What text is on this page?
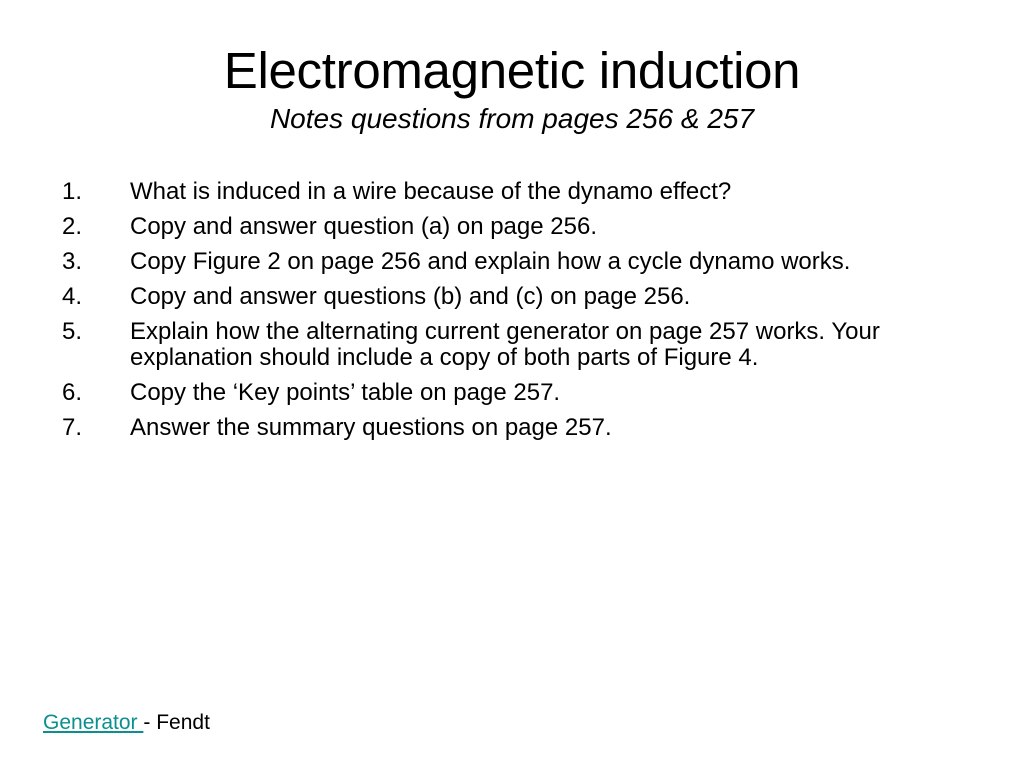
Electromagnetic induction
Notes questions from pages 256 & 257
1. What is induced in a wire because of the dynamo effect?
2. Copy and answer question (a) on page 256.
3. Copy Figure 2 on page 256 and explain how a cycle dynamo works.
4. Copy and answer questions (b) and (c) on page 256.
5. Explain how the alternating current generator on page 257 works. Your explanation should include a copy of both parts of Figure 4.
6. Copy the ‘Key points’ table on page 257.
7. Answer the summary questions on page 257.
Generator - Fendt
